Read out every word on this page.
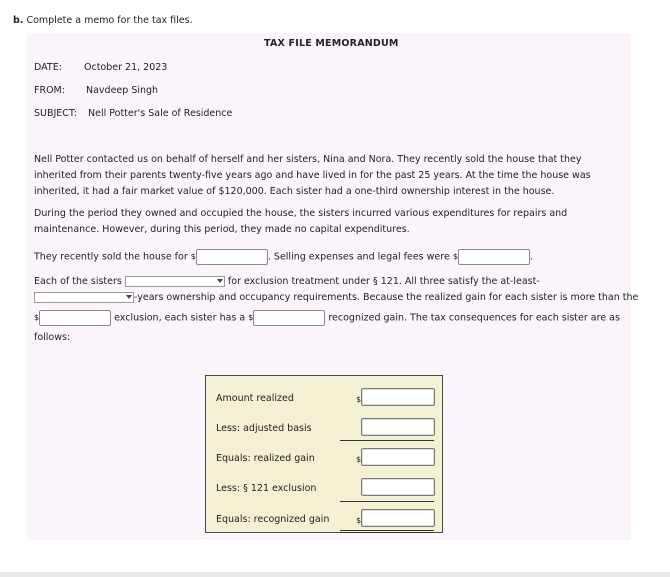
b. Complete a memo for the tax files.
TAX FILE MEMORANDUM
DATE: October 21, 2023
FROM: Navdeep Singh
SUBJECT: Nell Potter's Sale of Residence
Nell Potter contacted us on behalf of herself and her sisters, Nina and Nora. They recently sold the house that they inherited from their parents twenty-five years ago and have lived in for the past 25 years. At the time the house was inherited, it had a fair market value of $120,000. Each sister had a one-third ownership interest in the house.
During the period they owned and occupied the house, the sisters incurred various expenditures for repairs and maintenance. However, during this period, they made no capital expenditures.
They recently sold the house for $	. Selling expenses and legal fees were $	.
Each of the sisters	for exclusion treatment under § 121. All three satisfy the at-least-
-years ownership and occupancy requirements. Because the realized gain for each sister is more than the
$	exclusion, each sister has a $	recognized gain. The tax consequences for each sister are as
follows:
Amount realized	$
Less: adjusted basis
Equals: realized gain	$
Less: § 121 exclusion
Equals: recognized gain	$
